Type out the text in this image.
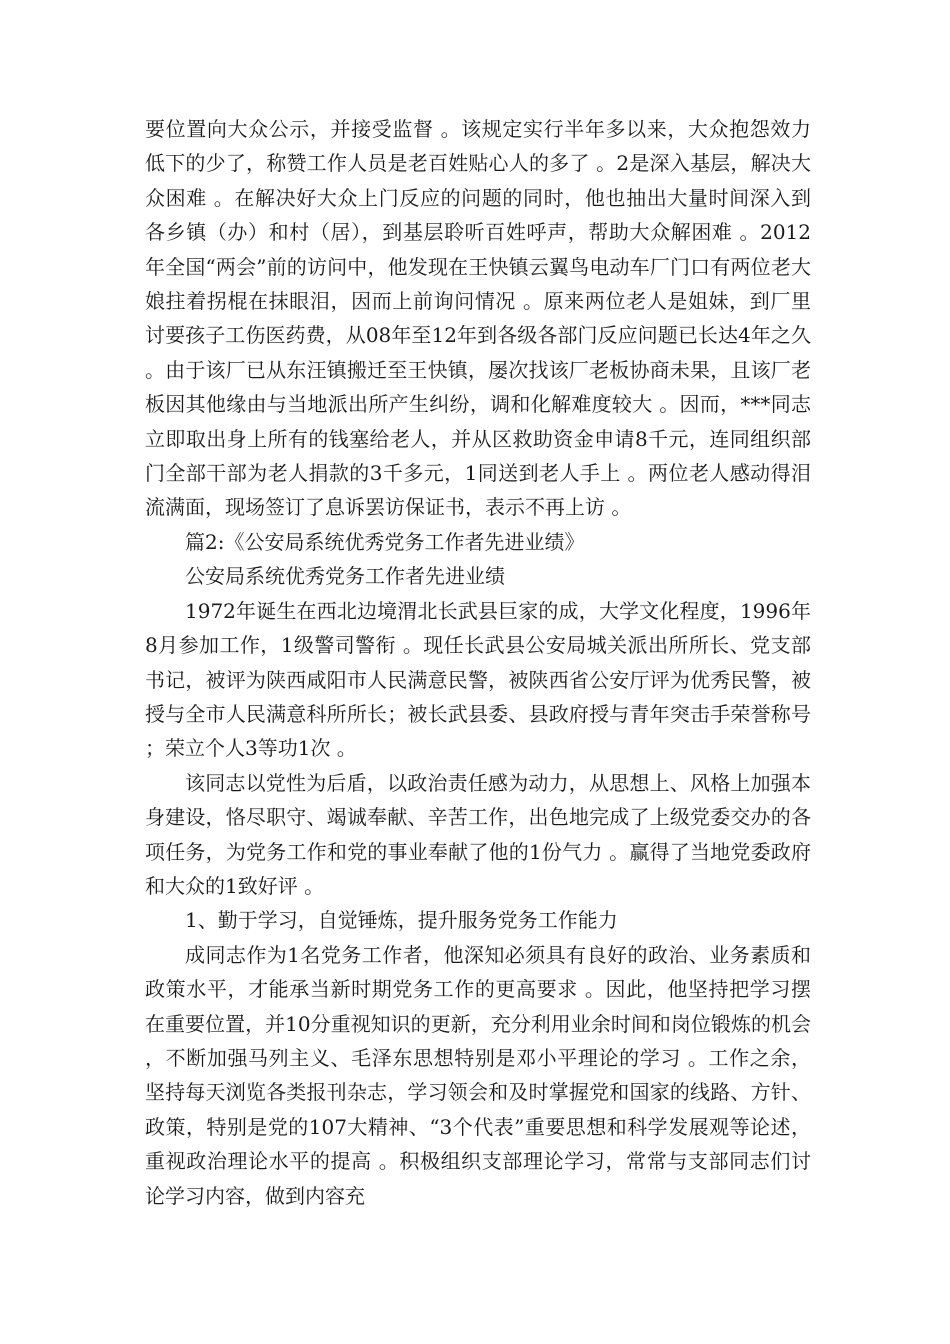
要位置向大众公示，并接受监督 。该规定实行半年多以来，大众抱怨效力低下的少了，称赞工作人员是老百姓贴心人的多了 。2是深入基层，解决大众困难 。在解决好大众上门反应的问题的同时，他也抽出大量时间深入到各乡镇（办）和村（居），到基层聆听百姓呼声，帮助大众解困难 。2012年全国“两会”前的访问中，他发现在王快镇云翼鸟电动车厂门口有两位老大娘拄着拐棍在抹眼泪，因而上前询问情况 。原来两位老人是姐妹，到厂里讨要孩子工伤医药费，从08年至12年到各级各部门反应问题已长达4年之久 。由于该厂已从东汪镇搬迁至王快镇，屡次找该厂老板协商未果，且该厂老板因其他缘由与当地派出所产生纠纷，调和化解难度较大 。因而，***同志立即取出身上所有的钱塞给老人，并从区救助资金申请8千元，连同组织部门全部干部为老人捐款的3千多元，1同送到老人手上 。两位老人感动得泪流满面，现场签订了息诉罢访保证书，表示不再上访 。

篇2:《公安局系统优秀党务工作者先进业绩》

公安局系统优秀党务工作者先进业绩

1972年诞生在西北边境渭北长武县巨家的成，大学文化程度，1996年8月参加工作，1级警司警衔 。现任长武县公安局城关派出所所长、党支部书记，被评为陕西咸阳市人民满意民警，被陕西省公安厅评为优秀民警，被授与全市人民满意科所所长；被长武县委、县政府授与青年突击手荣誉称号；荣立个人3等功1次 。

该同志以党性为后盾，以政治责任感为动力，从思想上、风格上加强本身建设，恪尽职守、竭诚奉献、辛苦工作，出色地完成了上级党委交办的各项任务，为党务工作和党的事业奉献了他的1份气力 。赢得了当地党委政府和大众的1致好评 。

1、勤于学习，自觉锤炼，提升服务党务工作能力

成同志作为1名党务工作者，他深知必须具有良好的政治、业务素质和政策水平，才能承当新时期党务工作的更高要求 。因此，他坚持把学习摆在重要位置，并10分重视知识的更新，充分利用业余时间和岗位锻炼的机会，不断加强马列主义、毛泽东思想特别是邓小平理论的学习 。工作之余，坚持每天浏览各类报刊杂志，学习领会和及时掌握党和国家的线路、方针、政策，特别是党的107大精神、“3个代表”重要思想和科学发展观等论述，重视政治理论水平的提高 。积极组织支部理论学习，常常与支部同志们讨论学习内容，做到内容充
